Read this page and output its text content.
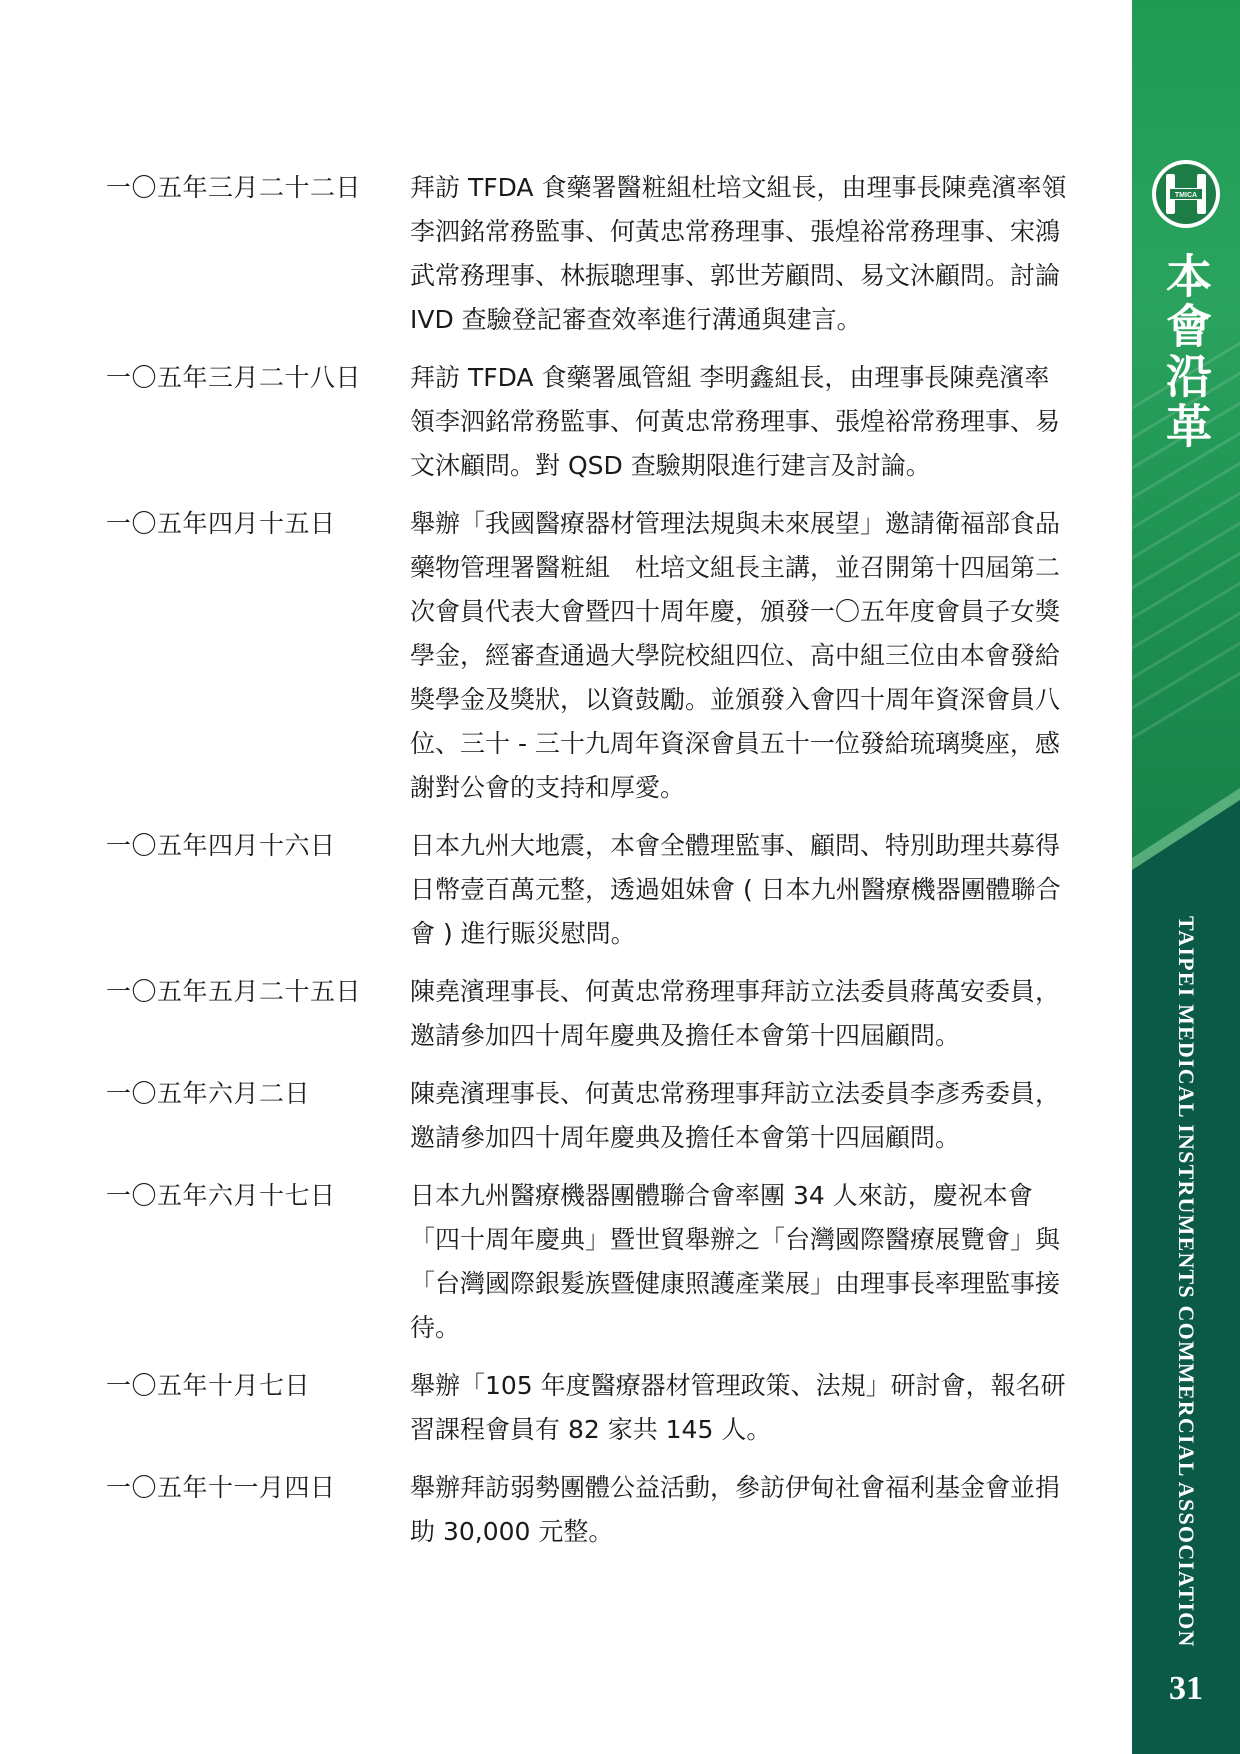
一〇五年三月二十二日	拜訪 TFDA 食藥署醫粧組杜培文組長，由理事長陳堯濱率領
李泗銘常務監事、何黃忠常務理事、張煌裕常務理事、宋鴻
武常務理事、林振聰理事、郭世芳顧問、易文沐顧問。討論
IVD 查驗登記審查效率進行溝通與建言。
一〇五年三月二十八日	拜訪 TFDA 食藥署風管組 李明鑫組長，由理事長陳堯濱率
領李泗銘常務監事、何黃忠常務理事、張煌裕常務理事、易
文沐顧問。對 QSD 查驗期限進行建言及討論。
一〇五年四月十五日	舉辦「我國醫療器材管理法規與未來展望」邀請衛福部食品
藥物管理署醫粧組　杜培文組長主講，並召開第十四屆第二
次會員代表大會暨四十周年慶，頒發一〇五年度會員子女獎
學金，經審查通過大學院校組四位、高中組三位由本會發給
獎學金及獎狀，以資鼓勵。並頒發入會四十周年資深會員八
位、三十 - 三十九周年資深會員五十一位發給琉璃獎座，感
謝對公會的支持和厚愛。
一〇五年四月十六日	日本九州大地震，本會全體理監事、顧問、特別助理共募得
日幣壹百萬元整，透過姐妹會 ( 日本九州醫療機器團體聯合
會 ) 進行賑災慰問。
一〇五年五月二十五日	陳堯濱理事長、何黃忠常務理事拜訪立法委員蔣萬安委員，
邀請參加四十周年慶典及擔任本會第十四屆顧問。
一〇五年六月二日	陳堯濱理事長、何黃忠常務理事拜訪立法委員李彥秀委員，
邀請參加四十周年慶典及擔任本會第十四屆顧問。
一〇五年六月十七日	日本九州醫療機器團體聯合會率團 34 人來訪，慶祝本會
「四十周年慶典」暨世貿舉辦之「台灣國際醫療展覽會」與
「台灣國際銀髮族暨健康照護產業展」由理事長率理監事接
待。
一〇五年十月七日	舉辦「105 年度醫療器材管理政策、法規」研討會，報名研
習課程會員有 82 家共 145 人。
一〇五年十一月四日	舉辦拜訪弱勢團體公益活動，參訪伊甸社會福利基金會並捐
助 30,000 元整。
TMICA
本會沿革
TAIPEI MEDICAL INSTRUMENTS COMMERCIAL ASSOCIATION
31
